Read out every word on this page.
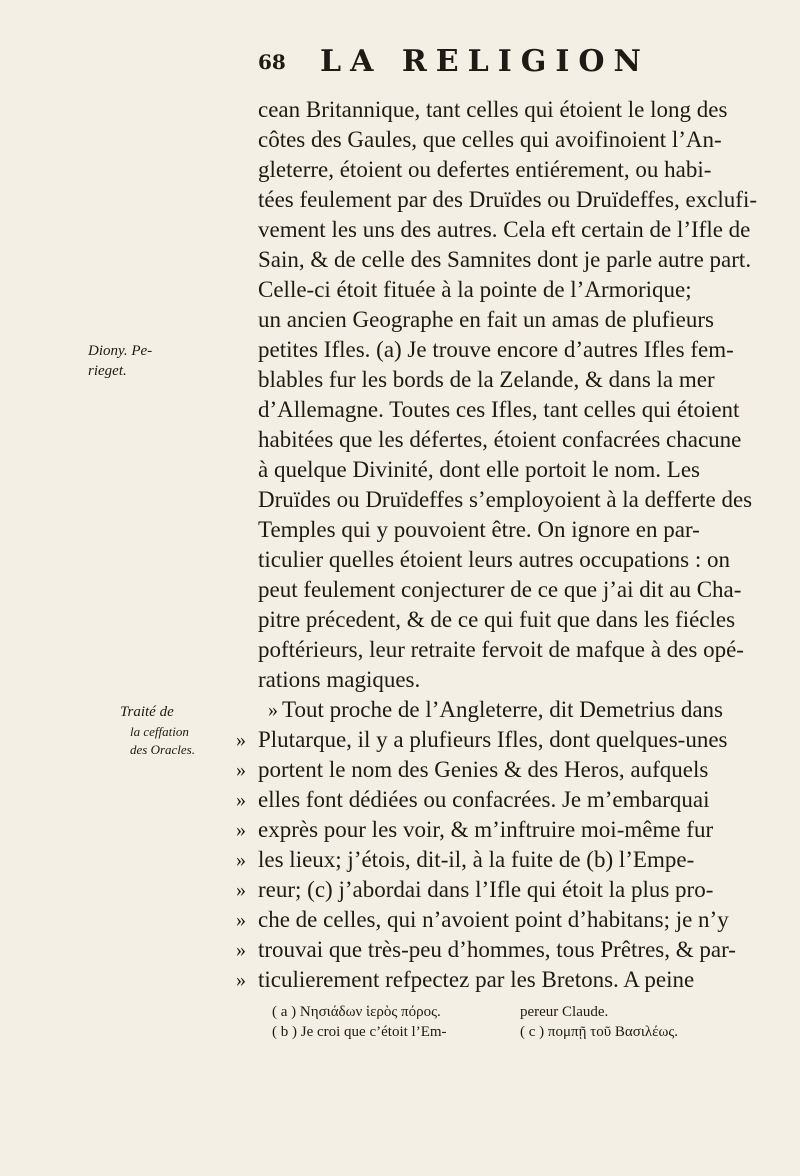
68 LA RELIGION
cean Britannique, tant celles qui étoient le long des
côtes des Gaules, que celles qui avoifinoient l’An-
gleterre, étoient ou defertes entiérement, ou habi-
tées feulement par des Druïdes ou Druïdeffes, exclufi-
vement les uns des autres. Cela eft certain de l’Ifle de
Sain, & de celle des Samnites dont je parle autre part.
Celle-ci étoit fituée à la pointe de l’Armorique;
un ancien Geographe en fait un amas de plufieurs
petites Ifles. (a) Je trouve encore d’autres Ifles fem-
blables fur les bords de la Zelande, & dans la mer
d’Allemagne. Toutes ces Ifles, tant celles qui étoient
habitées que les défertes, étoient confacrées chacune
à quelque Divinité, dont elle portoit le nom. Les
Druïdes ou Druïdeffes s’employoient à la defferte des
Temples qui y pouvoient être. On ignore en par-
ticulier quelles étoient leurs autres occupations : on
peut feulement conjecturer de ce que j’ai dit au Cha-
pitre précedent, & de ce qui fuit que dans les fiécles
poftérieurs, leur retraite fervoit de mafque à des opé-
rations magiques.
Tout proche de l’Angleterre, dit Demetrius dans
Plutarque, il y a plufieurs Ifles, dont quelques-unes
portent le nom des Genies & des Heros, aufquels
elles font dédiées ou confacrées. Je m’embarquai
exprès pour les voir, & m’inftruire moi-même fur
les lieux; j’étois, dit-il, à la fuite de (b) l’Empe-
reur; (c) j’abordai dans l’Ifle qui étoit la plus pro-
che de celles, qui n’avoient point d’habitans; je n’y
trouvai que très-peu d’hommes, tous Prêtres, & par-
ticulierement refpectez par les Bretons. A peine
»
»
»
»
»
»
»
»
»
»
Diony. Pe-
rieget.
Traité de
la ceffation
des Oracles.
( a ) Νησιάδων ἱερὸς πόρος.
( b ) Je croi que c’étoit l’Em-
pereur Claude.
( c ) πομπῇ τοῦ Βασιλέως.
